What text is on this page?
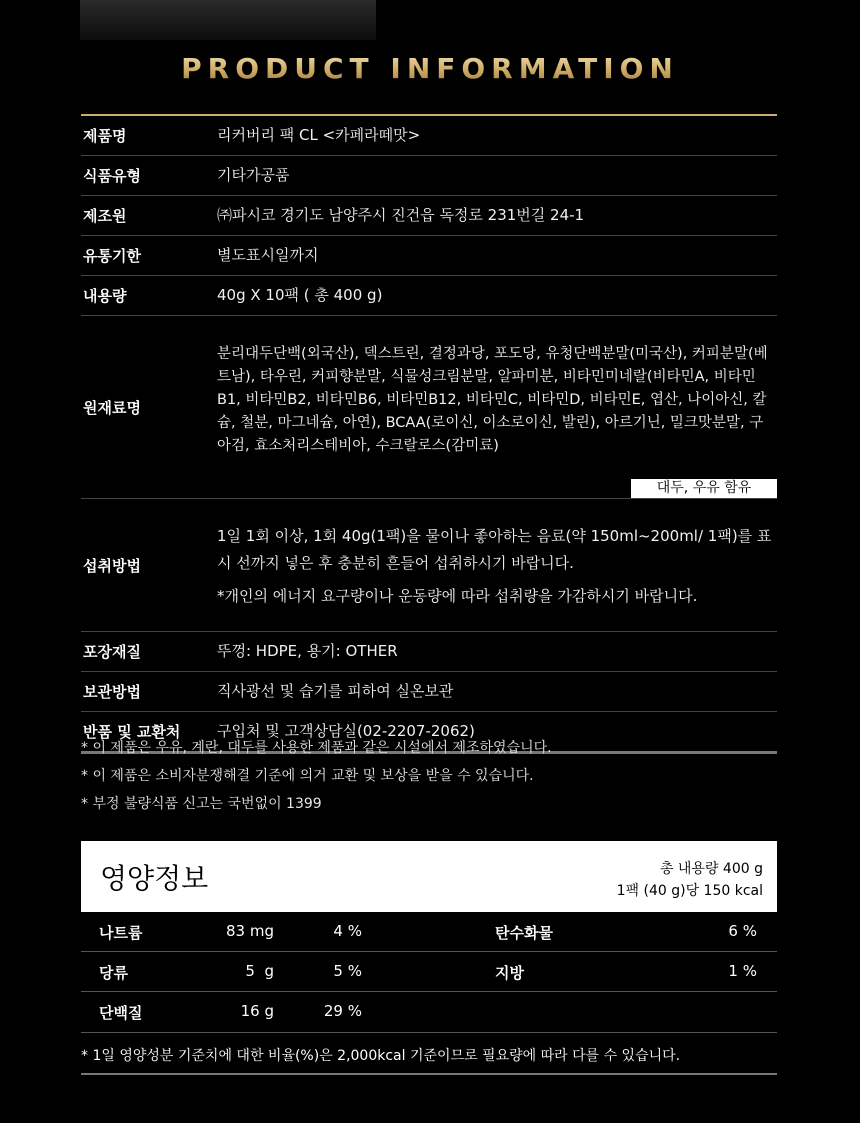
PRODUCT INFORMATION
제품명	리커버리 팩 CL <카페라떼맛>
식품유형	기타가공품
제조원	㈜파시코 경기도 남양주시 진건읍 독정로 231번길 24-1
유통기한	별도표시일까지
내용량	40g X 10팩 ( 총 400 g)
원재료명
분리대두단백(외국산), 덱스트린, 결정과당, 포도당, 유청단백분말(미국산), 커피분말(베트남), 타우린, 커피향분말, 식물성크림분말, 알파미분, 비타민미네랄(비타민A, 비타민B1, 비타민B2, 비타민B6, 비타민B12, 비타민C, 비타민D, 비타민E, 엽산, 나이아신, 칼슘, 철분, 마그네슘, 아연), BCAA(로이신, 이소로이신, 발린), 아르기닌, 밀크맛분말, 구아검, 효소처리스테비아, 수크랄로스(감미료)
대두, 우유 함유
섭취방법
1일 1회 이상, 1회 40g(1팩)을 물이나 좋아하는 음료(약 150ml~200ml/ 1팩)를 표시 선까지 넣은 후 충분히 흔들어 섭취하시기 바랍니다.
*개인의 에너지 요구량이나 운동량에 따라 섭취량을 가감하시기 바랍니다.
포장재질	뚜껑: HDPE, 용기: OTHER
보관방법	직사광선 및 습기를 피하여 실온보관
반품 및 교환처	구입처 및 고객상담실(02-2207-2062)
* 이 제품은 우유, 계란, 대두를 사용한 제품과 같은 시설에서 제조하였습니다.
* 이 제품은 소비자분쟁해결 기준에 의거 교환 및 보상을 받을 수 있습니다.
* 부정 불량식품 신고는 국번없이 1399
영양정보	총 내용량 400 g
1팩 (40 g)당 150 kcal
나트륨	83 mg	4 %	탄수화물	6 %
당류	5  g	5 %	지방	1 %
단백질	16 g	29 %
* 1일 영양성분 기준치에 대한 비율(%)은 2,000kcal 기준이므로 필요량에 따라 다를 수 있습니다.
